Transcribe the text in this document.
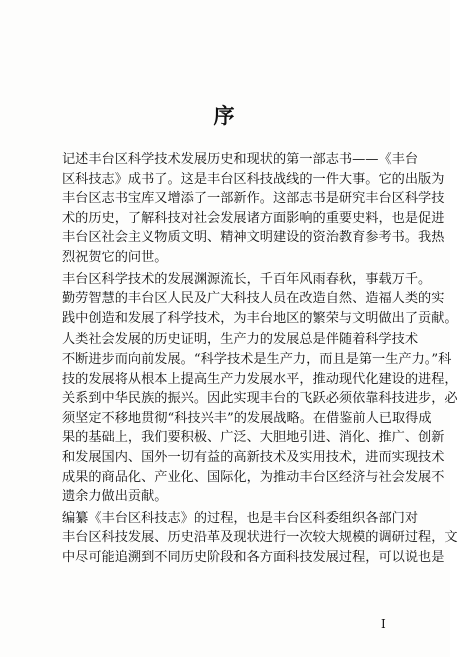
序
记述丰台区科学技术发展历史和现状的第一部志书——《丰台
区科技志》成书了。这是丰台区科技战线的一件大事。它的出版为
丰台区志书宝库又增添了一部新作。这部志书是研究丰台区科学技
术的历史，了解科技对社会发展诸方面影响的重要史料，也是促进
丰台区社会主义物质文明、精神文明建设的资治教育参考书。我热
烈祝贺它的问世。
丰台区科学技术的发展渊源流长，千百年风雨春秋，事载万千。
勤劳智慧的丰台区人民及广大科技人员在改造自然、造福人类的实
践中创造和发展了科学技术，为丰台地区的繁荣与文明做出了贡献。
人类社会发展的历史证明，生产力的发展总是伴随着科学技术
不断进步而向前发展。“科学技术是生产力，而且是第一生产力。”科
技的发展将从根本上提高生产力发展水平，推动现代化建设的进程，
关系到中华民族的振兴。因此实现丰台的飞跃必须依靠科技进步，必
须坚定不移地贯彻“科技兴丰”的发展战略。在借鉴前人已取得成
果的基础上，我们要积极、广泛、大胆地引进、消化、推广、创新
和发展国内、国外一切有益的高新技术及实用技术，进而实现技术
成果的商品化、产业化、国际化，为推动丰台区经济与社会发展不
遗余力做出贡献。
编纂《丰台区科技志》的过程，也是丰台区科委组织各部门对
丰台区科技发展、历史沿革及现状进行一次较大规模的调研过程，文
中尽可能追溯到不同历史阶段和各方面科技发展过程，可以说也是
I
